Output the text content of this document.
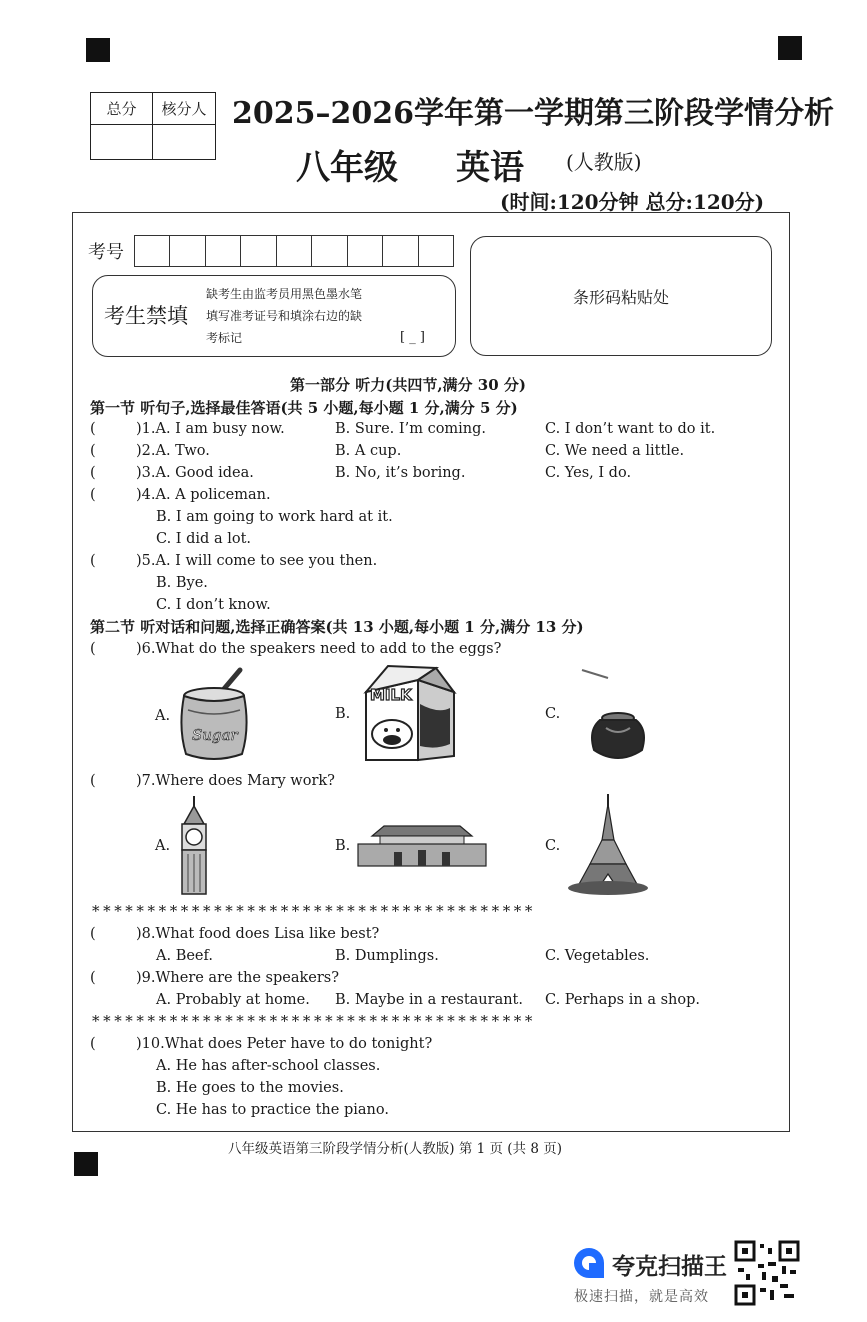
总分	核分人 2025–2026学年第一学期第三阶段学情分析
八年级 英语 (人教版)
(时间:120分钟 总分:120分)
考号
考生禁填
缺考生由监考员用黑色墨水笔
填写准考证号和填涂右边的缺
考标记	[ _ ]
条形码粘贴处
第一部分 听力(共四节,满分 30 分)
第一节 听句子,选择最佳答语(共 5 小题,每小题 1 分,满分 5 分)
(	)1.A. I am busy now.	B. Sure. I’m coming.	C. I don’t want to do it.
(	)2.A. Two.	B. A cup.	C. We need a little.
(	)3.A. Good idea.	B. No, it’s boring.	C. Yes, I do.
(	)4.A. A policeman.
B. I am going to work hard at it.
C. I did a lot.
(	)5.A. I will come to see you then.
B. Bye.
C. I don’t know.
第二节 听对话和问题,选择正确答案(共 13 小题,每小题 1 分,满分 13 分)
(	)6.What do the speakers need to add to the eggs?
A.	B.	C.
Sugar
MILK
(	)7.Where does Mary work?
A.	B.	C.
****************************************
(	)8.What food does Lisa like best?
A. Beef.	B. Dumplings.	C. Vegetables.
(	)9.Where are the speakers?
A. Probably at home. B. Maybe in a restaurant. C. Perhaps in a shop.
****************************************
(	)10.What does Peter have to do tonight?
A. He has after-school classes.
B. He goes to the movies.
C. He has to practice the piano.
八年级英语第三阶段学情分析(人教版) 第 1 页 (共 8 页)
夸克扫描王
极速扫描，就是高效
